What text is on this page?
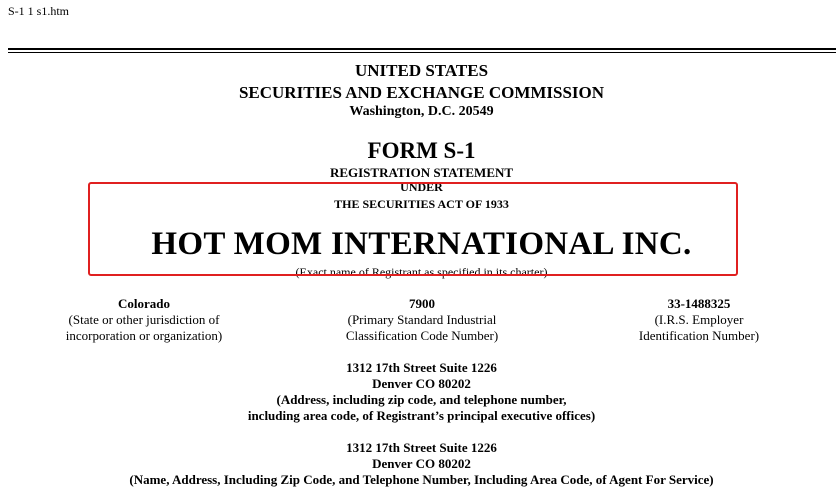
S-1 1 s1.htm
UNITED STATES
SECURITIES AND EXCHANGE COMMISSION
Washington, D.C. 20549
FORM S-1
REGISTRATION STATEMENT
UNDER
THE SECURITIES ACT OF 1933
HOT MOM INTERNATIONAL INC.
(Exact name of Registrant as specified in its charter)
Colorado
(State or other jurisdiction of
incorporation or organization)
7900
(Primary Standard Industrial
Classification Code Number)
33-1488325
(I.R.S. Employer
Identification Number)
1312 17th Street Suite 1226
Denver CO 80202
(Address, including zip code, and telephone number,
including area code, of Registrant’s principal executive offices)
1312 17th Street Suite 1226
Denver CO 80202
(Name, Address, Including Zip Code, and Telephone Number, Including Area Code, of Agent For Service)
